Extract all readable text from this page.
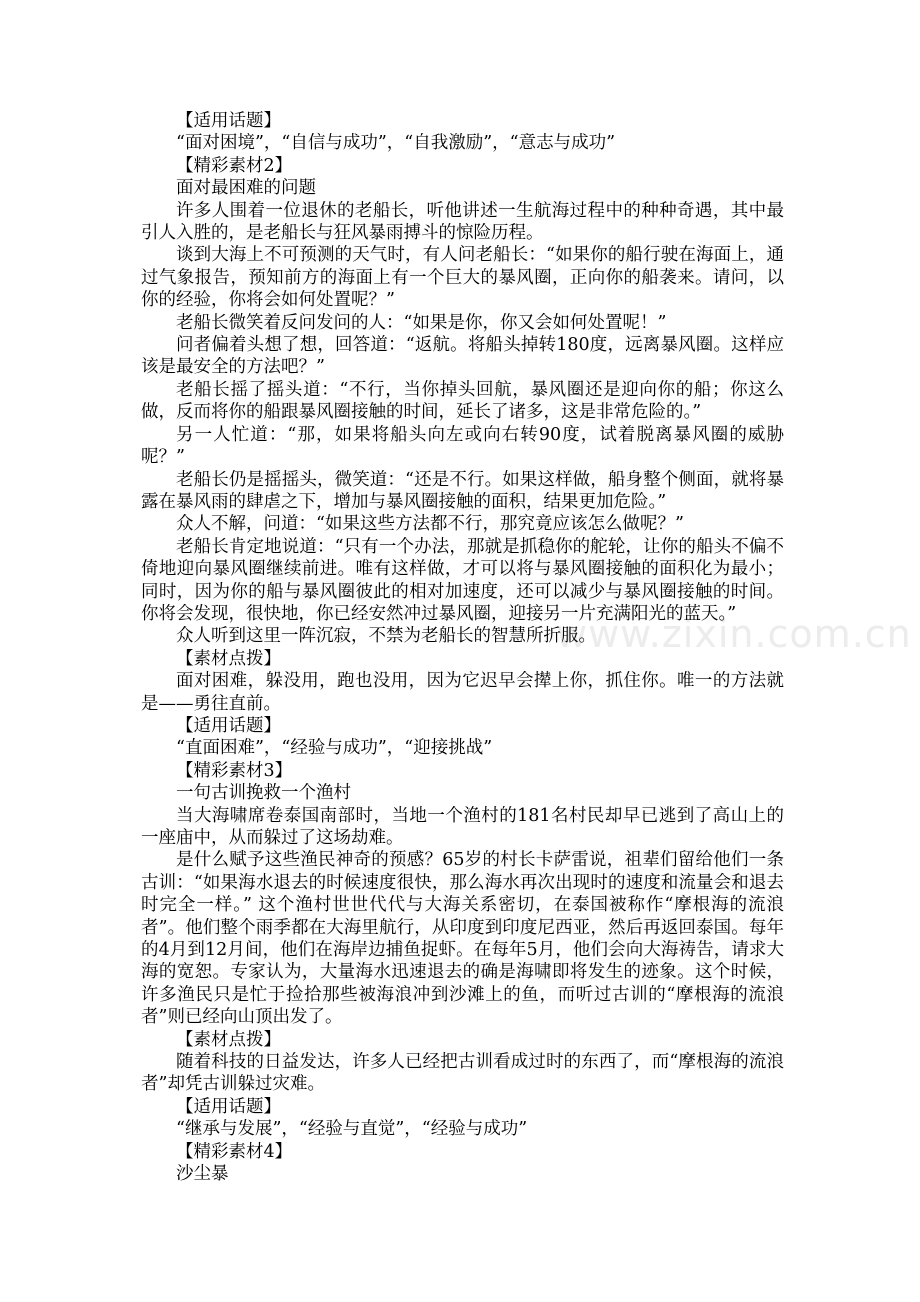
www.zixin.com.cn

【适用话题】

“面对困境”，“自信与成功”，“自我激励”，“意志与成功”

【精彩素材2】

面对最困难的问题

许多人围着一位退休的老船长，听他讲述一生航海过程中的种种奇遇，其中最引人入胜的，是老船长与狂风暴雨搏斗的惊险历程。

谈到大海上不可预测的天气时，有人问老船长：“如果你的船行驶在海面上，通过气象报告，预知前方的海面上有一个巨大的暴风圈，正向你的船袭来。请问，以你的经验，你将会如何处置呢？”

老船长微笑着反问发问的人：“如果是你，你又会如何处置呢！”

问者偏着头想了想，回答道：“返航。将船头掉转180度，远离暴风圈。这样应该是最安全的方法吧？”

老船长摇了摇头道：“不行，当你掉头回航，暴风圈还是迎向你的船；你这么做，反而将你的船跟暴风圈接触的时间，延长了诸多，这是非常危险的。”

另一人忙道：“那，如果将船头向左或向右转90度，试着脱离暴风圈的威胁呢？”

老船长仍是摇摇头，微笑道：“还是不行。如果这样做，船身整个侧面，就将暴露在暴风雨的肆虐之下，增加与暴风圈接触的面积，结果更加危险。”

众人不解，问道：“如果这些方法都不行，那究竟应该怎么做呢？”

老船长肯定地说道：“只有一个办法，那就是抓稳你的舵轮，让你的船头不偏不倚地迎向暴风圈继续前进。唯有这样做，才可以将与暴风圈接触的面积化为最小；同时，因为你的船与暴风圈彼此的相对加速度，还可以减少与暴风圈接触的时间。你将会发现，很快地，你已经安然冲过暴风圈，迎接另一片充满阳光的蓝天。”

众人听到这里一阵沉寂，不禁为老船长的智慧所折服。

【素材点拨】

面对困难，躲没用，跑也没用，因为它迟早会撵上你，抓住你。唯一的方法就是——勇往直前。

【适用话题】

“直面困难”，“经验与成功”，“迎接挑战”

【精彩素材3】

一句古训挽救一个渔村

当大海啸席卷泰国南部时，当地一个渔村的181名村民却早已逃到了高山上的一座庙中，从而躲过了这场劫难。

是什么赋予这些渔民神奇的预感？65岁的村长卡萨雷说，祖辈们留给他们一条古训：“如果海水退去的时候速度很快，那么海水再次出现时的速度和流量会和退去时完全一样。” 这个渔村世世代代与大海关系密切，在泰国被称作“摩根海的流浪者”。他们整个雨季都在大海里航行，从印度到印度尼西亚，然后再返回泰国。每年的4月到12月间，他们在海岸边捕鱼捉虾。在每年5月，他们会向大海祷告，请求大海的宽恕。专家认为，大量海水迅速退去的确是海啸即将发生的迹象。这个时候，许多渔民只是忙于捡拾那些被海浪冲到沙滩上的鱼，而听过古训的“摩根海的流浪者”则已经向山顶出发了。

【素材点拨】

随着科技的日益发达，许多人已经把古训看成过时的东西了，而“摩根海的流浪者”却凭古训躲过灾难。

【适用话题】

“继承与发展”，“经验与直觉”，“经验与成功”

【精彩素材4】

沙尘暴
